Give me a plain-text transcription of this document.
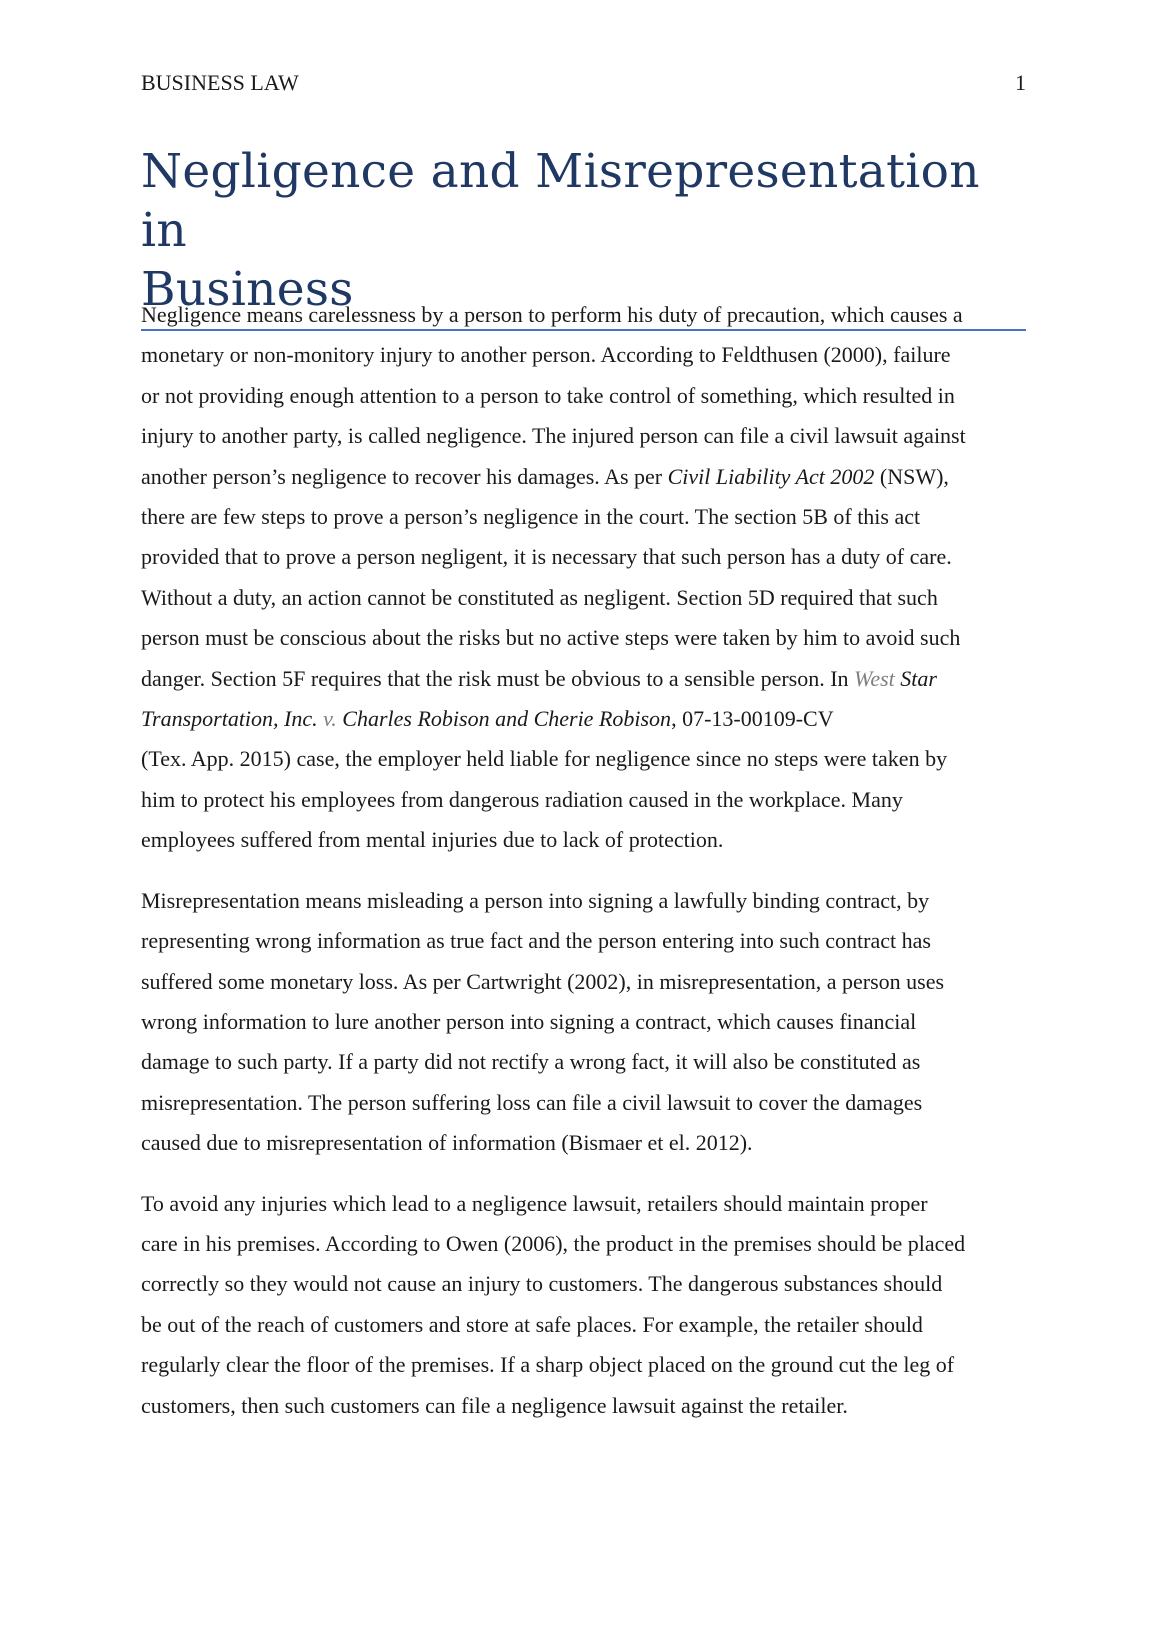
BUSINESS LAW	1
Negligence and Misrepresentation in
Business

Negligence means carelessness by a person to perform his duty of precaution, which causes a
monetary or non-monitory injury to another person. According to Feldthusen (2000), failure
or not providing enough attention to a person to take control of something, which resulted in
injury to another party, is called negligence. The injured person can file a civil lawsuit against
another person’s negligence to recover his damages. As per Civil Liability Act 2002 (NSW),
there are few steps to prove a person’s negligence in the court. The section 5B of this act
provided that to prove a person negligent, it is necessary that such person has a duty of care.
Without a duty, an action cannot be constituted as negligent. Section 5D required that such
person must be conscious about the risks but no active steps were taken by him to avoid such
danger. Section 5F requires that the risk must be obvious to a sensible person. In West Star
Transportation, Inc. v. Charles Robison and Cherie Robison, 07-13-00109-CV
(Tex. App. 2015) case, the employer held liable for negligence since no steps were taken by
him to protect his employees from dangerous radiation caused in the workplace. Many
employees suffered from mental injuries due to lack of protection.

Misrepresentation means misleading a person into signing a lawfully binding contract, by
representing wrong information as true fact and the person entering into such contract has
suffered some monetary loss. As per Cartwright (2002), in misrepresentation, a person uses
wrong information to lure another person into signing a contract, which causes financial
damage to such party. If a party did not rectify a wrong fact, it will also be constituted as
misrepresentation. The person suffering loss can file a civil lawsuit to cover the damages
caused due to misrepresentation of information (Bismaer et el. 2012).

To avoid any injuries which lead to a negligence lawsuit, retailers should maintain proper
care in his premises. According to Owen (2006), the product in the premises should be placed
correctly so they would not cause an injury to customers. The dangerous substances should
be out of the reach of customers and store at safe places. For example, the retailer should
regularly clear the floor of the premises. If a sharp object placed on the ground cut the leg of
customers, then such customers can file a negligence lawsuit against the retailer.
